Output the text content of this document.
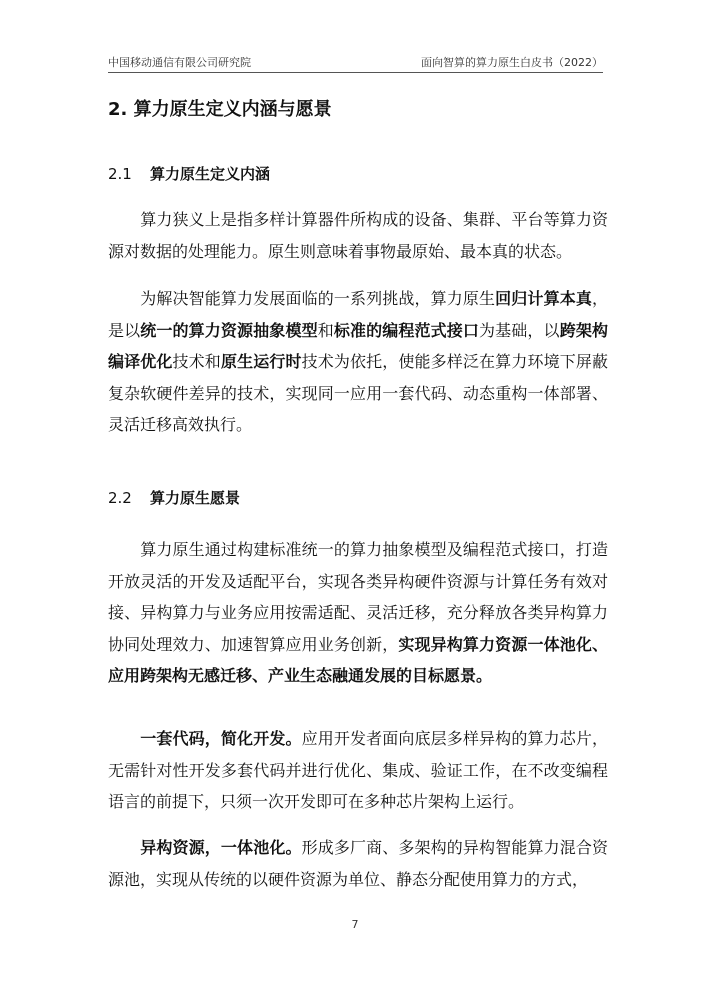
中国移动通信有限公司研究院	面向智算的算力原生白皮书（2022）
2. 算力原生定义内涵与愿景
2.1 算力原生定义内涵
　　算力狭义上是指多样计算器件所构成的设备、集群、平台等算力资源对数据的处理能力。原生则意味着事物最原始、最本真的状态。
　　为解决智能算力发展面临的一系列挑战，算力原生回归计算本真，是以统一的算力资源抽象模型和标准的编程范式接口为基础，以跨架构编译优化技术和原生运行时技术为依托，使能多样泛在算力环境下屏蔽复杂软硬件差异的技术，实现同一应用一套代码、动态重构一体部署、灵活迁移高效执行。
2.2 算力原生愿景
　　算力原生通过构建标准统一的算力抽象模型及编程范式接口，打造开放灵活的开发及适配平台，实现各类异构硬件资源与计算任务有效对接、异构算力与业务应用按需适配、灵活迁移，充分释放各类异构算力协同处理效力、加速智算应用业务创新，实现异构算力资源一体池化、应用跨架构无感迁移、产业生态融通发展的目标愿景。
　　一套代码，简化开发。应用开发者面向底层多样异构的算力芯片，无需针对性开发多套代码并进行优化、集成、验证工作，在不改变编程语言的前提下，只须一次开发即可在多种芯片架构上运行。
　　异构资源，一体池化。形成多厂商、多架构的异构智能算力混合资源池，实现从传统的以硬件资源为单位、静态分配使用算力的方式，
7
